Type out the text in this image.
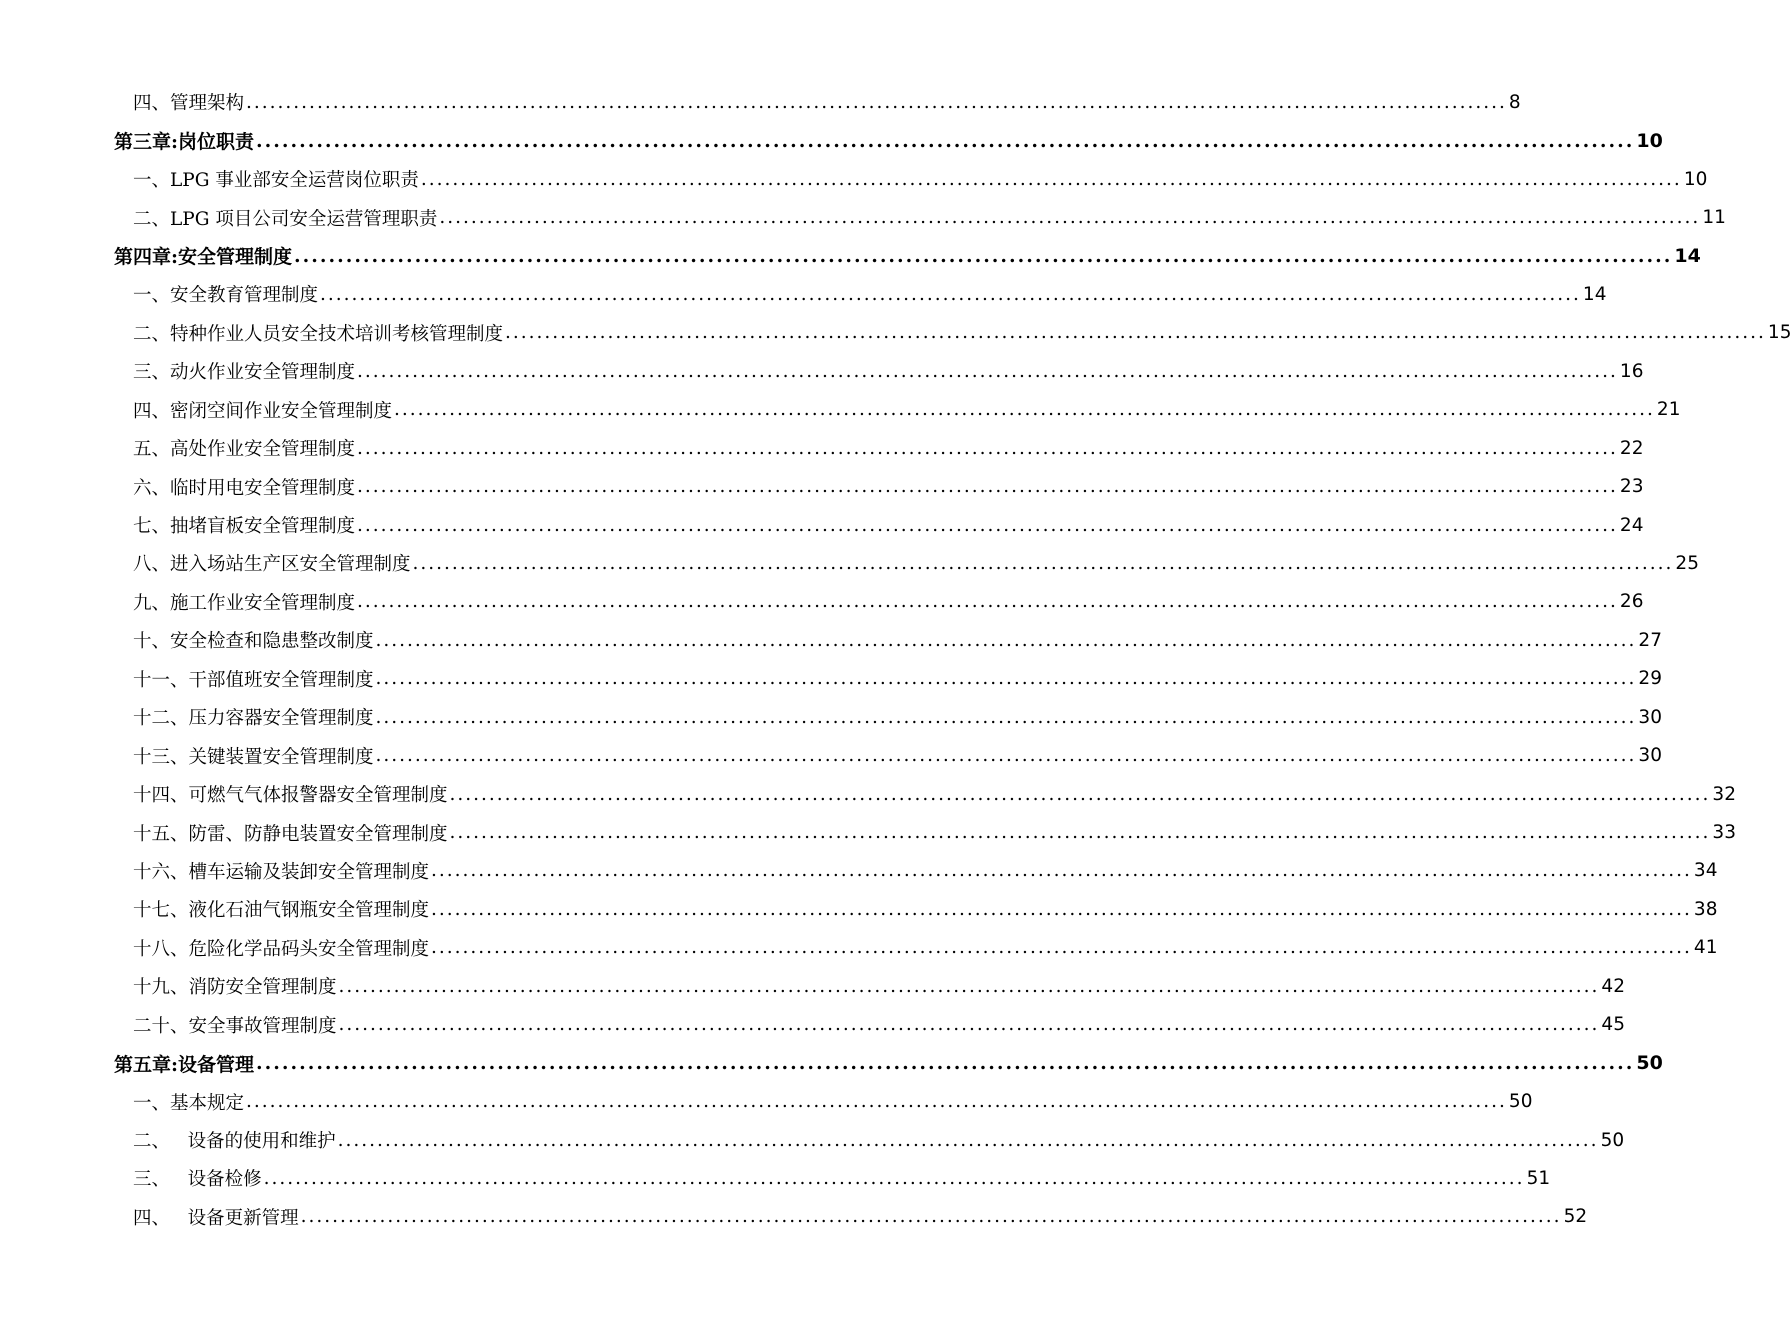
四、管理架构 ................................................................................................................................................................ 8
第三章:岗位职责 ................................................................................................................................................................ 10
一、LPG 事业部安全运营岗位职责 ................................................................................................................................................................ 10
二、LPG 项目公司安全运营管理职责 ................................................................................................................................................................ 11
第四章:安全管理制度 ................................................................................................................................................................ 14
一、安全教育管理制度 ................................................................................................................................................................ 14
二、特种作业人员安全技术培训考核管理制度 ................................................................................................................................................................ 15
三、动火作业安全管理制度 ................................................................................................................................................................ 16
四、密闭空间作业安全管理制度 ................................................................................................................................................................ 21
五、高处作业安全管理制度 ................................................................................................................................................................ 22
六、临时用电安全管理制度 ................................................................................................................................................................ 23
七、抽堵盲板安全管理制度 ................................................................................................................................................................ 24
八、进入场站生产区安全管理制度 ................................................................................................................................................................ 25
九、施工作业安全管理制度 ................................................................................................................................................................ 26
十、安全检查和隐患整改制度 ................................................................................................................................................................ 27
十一、干部值班安全管理制度 ................................................................................................................................................................ 29
十二、压力容器安全管理制度 ................................................................................................................................................................ 30
十三、关键装置安全管理制度 ................................................................................................................................................................ 30
十四、可燃气气体报警器安全管理制度 ................................................................................................................................................................ 32
十五、防雷、防静电装置安全管理制度 ................................................................................................................................................................ 33
十六、槽车运输及装卸安全管理制度 ................................................................................................................................................................ 34
十七、液化石油气钢瓶安全管理制度 ................................................................................................................................................................ 38
十八、危险化学品码头安全管理制度 ................................................................................................................................................................ 41
十九、消防安全管理制度 ................................................................................................................................................................ 42
二十、安全事故管理制度 ................................................................................................................................................................ 45
第五章:设备管理 ................................................................................................................................................................ 50
一、基本规定 ................................................................................................................................................................ 50
二、   设备的使用和维护 ................................................................................................................................................................ 50
三、   设备检修 ................................................................................................................................................................ 51
四、   设备更新管理 ................................................................................................................................................................ 52
